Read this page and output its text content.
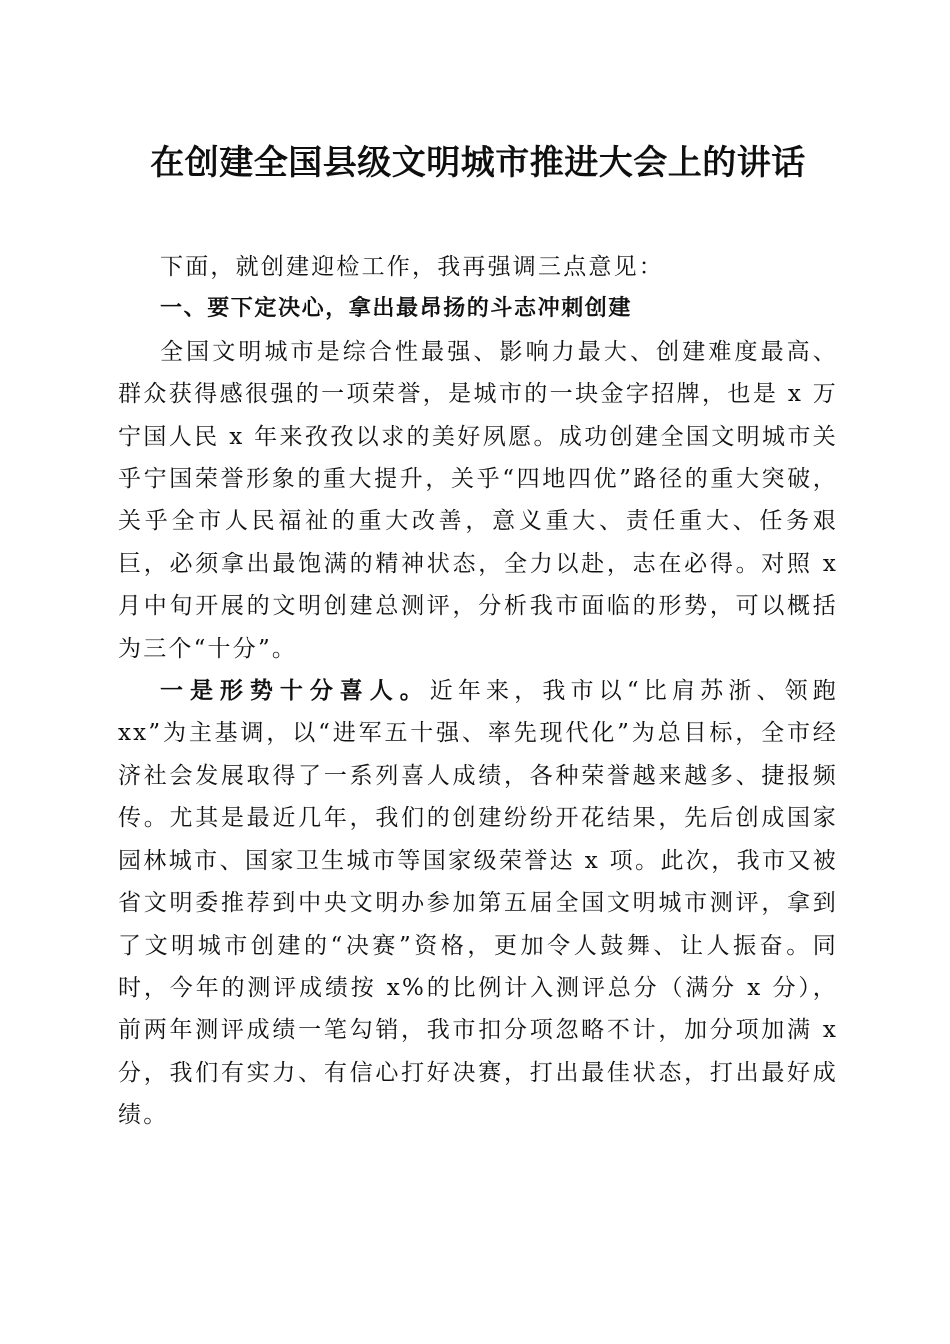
在创建全国县级文明城市推进大会上的讲话

下面，就创建迎检工作，我再强调三点意见：

一、要下定决心，拿出最昂扬的斗志冲刺创建

全国文明城市是综合性最强、影响力最大、创建难度最高、群众获得感很强的一项荣誉，是城市的一块金字招牌，也是 x 万宁国人民 x 年来孜孜以求的美好夙愿。成功创建全国文明城市关乎宁国荣誉形象的重大提升，关乎“四地四优”路径的重大突破，关乎全市人民福祉的重大改善，意义重大、责任重大、任务艰巨，必须拿出最饱满的精神状态，全力以赴，志在必得。对照 x 月中旬开展的文明创建总测评，分析我市面临的形势，可以概括为三个“十分”。

一是形势十分喜人。近年来，我市以“比肩苏浙、领跑 xx”为主基调，以“进军五十强、率先现代化”为总目标，全市经济社会发展取得了一系列喜人成绩，各种荣誉越来越多、捷报频传。尤其是最近几年，我们的创建纷纷开花结果，先后创成国家园林城市、国家卫生城市等国家级荣誉达 x 项。此次，我市又被省文明委推荐到中央文明办参加第五届全国文明城市测评，拿到了文明城市创建的“决赛”资格，更加令人鼓舞、让人振奋。同时，今年的测评成绩按 x%的比例计入测评总分（满分 x 分），前两年测评成绩一笔勾销，我市扣分项忽略不计，加分项加满 x 分，我们有实力、有信心打好决赛，打出最佳状态，打出最好成绩。
